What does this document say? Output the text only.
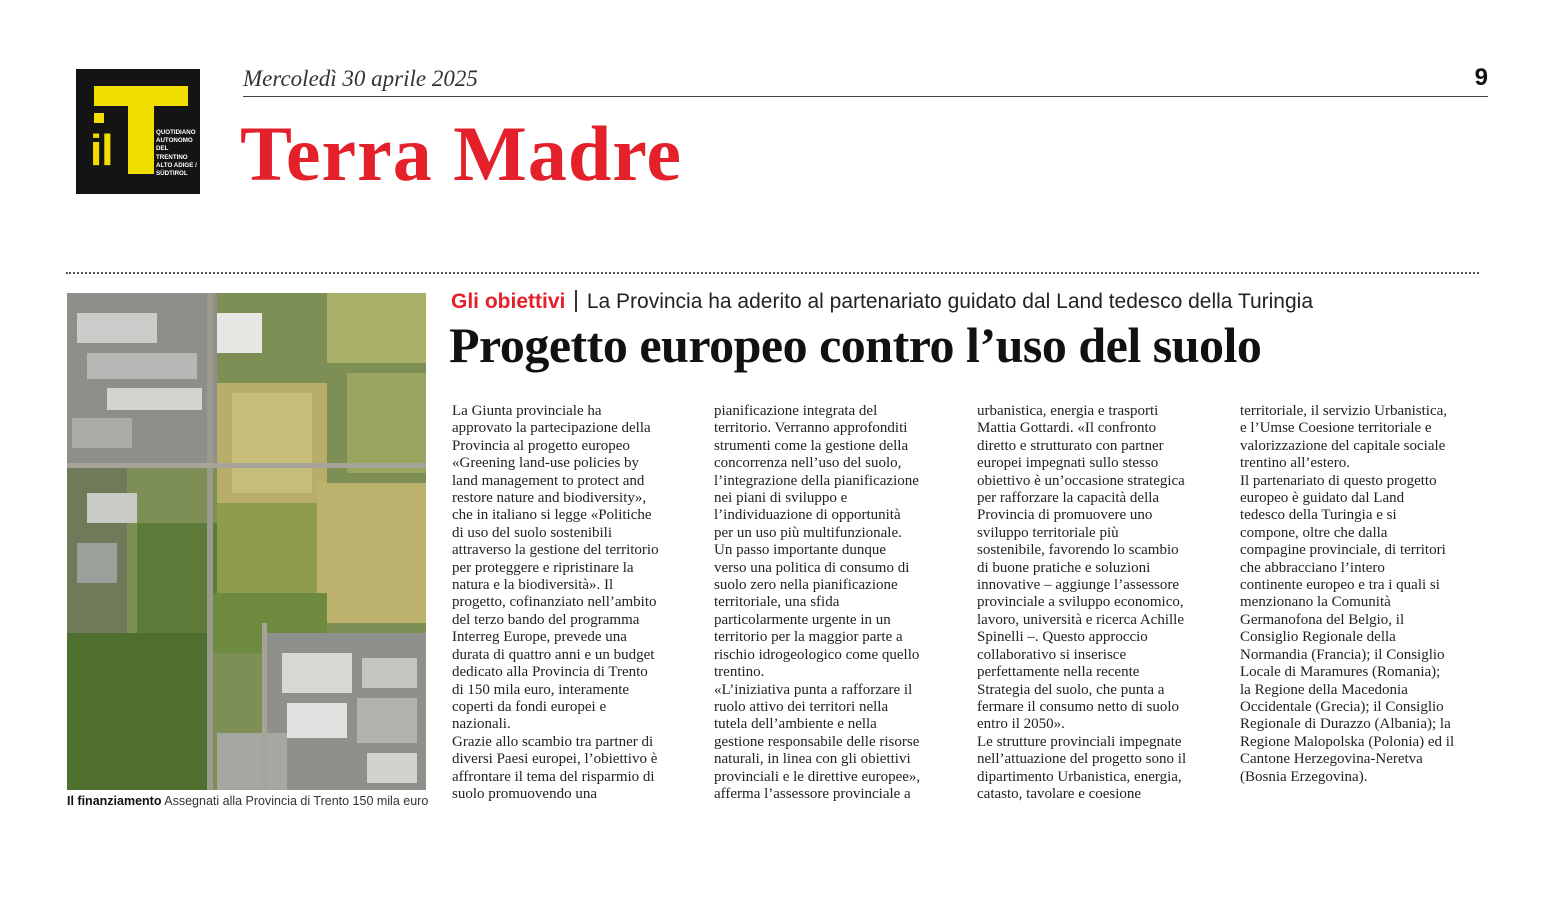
il	QUOTIDIANO
AUTONOMO
DEL TRENTINO
ALTO ADIGE /
SÜDTIROL
Mercoledì 30 aprile 2025	9
Terra Madre
Il finanziamento Assegnati alla Provincia di Trento 150 mila euro
Gli obiettivi La Provincia ha aderito al partenariato guidato dal Land tedesco della Turingia
Progetto europeo contro l’uso del suolo
La Giunta provinciale ha
approvato la partecipazione della
Provincia al progetto europeo
«Greening land-use policies by
land management to protect and
restore nature and biodiversity»,
che in italiano si legge «Politiche
di uso del suolo sostenibili
attraverso la gestione del territorio
per proteggere e ripristinare la
natura e la biodiversità». Il
progetto, cofinanziato nell’ambito
del terzo bando del programma
Interreg Europe, prevede una
durata di quattro anni e un budget
dedicato alla Provincia di Trento
di 150 mila euro, interamente
coperti da fondi europei e
nazionali.
Grazie allo scambio tra partner di
diversi Paesi europei, l’obiettivo è
affrontare il tema del risparmio di
suolo promuovendo una
pianificazione integrata del
territorio. Verranno approfonditi
strumenti come la gestione della
concorrenza nell’uso del suolo,
l’integrazione della pianificazione
nei piani di sviluppo e
l’individuazione di opportunità
per un uso più multifunzionale.
Un passo importante dunque
verso una politica di consumo di
suolo zero nella pianificazione
territoriale, una sfida
particolarmente urgente in un
territorio per la maggior parte a
rischio idrogeologico come quello
trentino.
«L’iniziativa punta a rafforzare il
ruolo attivo dei territori nella
tutela dell’ambiente e nella
gestione responsabile delle risorse
naturali, in linea con gli obiettivi
provinciali e le direttive europee»,
afferma l’assessore provinciale a
urbanistica, energia e trasporti
Mattia Gottardi. «Il confronto
diretto e strutturato con partner
europei impegnati sullo stesso
obiettivo è un’occasione strategica
per rafforzare la capacità della
Provincia di promuovere uno
sviluppo territoriale più
sostenibile, favorendo lo scambio
di buone pratiche e soluzioni
innovative – aggiunge l’assessore
provinciale a sviluppo economico,
lavoro, università e ricerca Achille
Spinelli –. Questo approccio
collaborativo si inserisce
perfettamente nella recente
Strategia del suolo, che punta a
fermare il consumo netto di suolo
entro il 2050».
Le strutture provinciali impegnate
nell’attuazione del progetto sono il
dipartimento Urbanistica, energia,
catasto, tavolare e coesione
territoriale, il servizio Urbanistica,
e l’Umse Coesione territoriale e
valorizzazione del capitale sociale
trentino all’estero.
Il partenariato di questo progetto
europeo è guidato dal Land
tedesco della Turingia e si
compone, oltre che dalla
compagine provinciale, di territori
che abbracciano l’intero
continente europeo e tra i quali si
menzionano la Comunità
Germanofona del Belgio, il
Consiglio Regionale della
Normandia (Francia); il Consiglio
Locale di Maramures (Romania);
la Regione della Macedonia
Occidentale (Grecia); il Consiglio
Regionale di Durazzo (Albania); la
Regione Malopolska (Polonia) ed il
Cantone Herzegovina-Neretva
(Bosnia Erzegovina).
